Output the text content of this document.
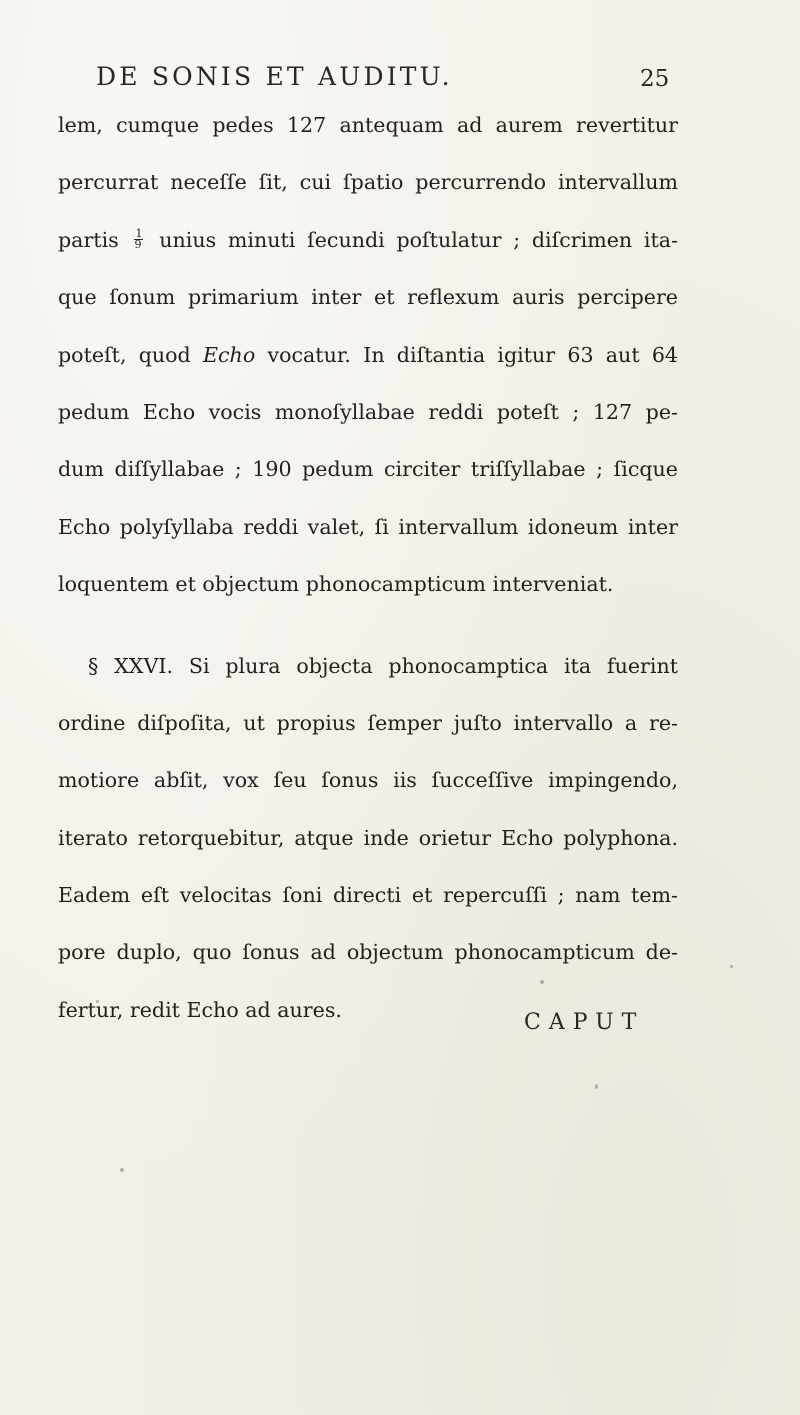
DE SONIS ET AUDITU.	25
lem, cumque pedes 127 antequam ad aurem revertitur
percurrat neceſſe ſit, cui ſpatio percurrendo intervallum
partis $\frac{1}{9}$ unius minuti ſecundi poſtulatur ; diſcrimen ita-
que ſonum primarium inter et reflexum auris percipere
poteſt, quod Echo vocatur. In diſtantia igitur 63 aut 64
pedum Echo vocis monoſyllabae reddi poteſt ; 127 pe-
dum diſſyllabae ; 190 pedum circiter triſſyllabae ; ſicque
Echo polyſyllaba reddi valet, ſi intervallum idoneum inter
loquentem et objectum phonocampticum interveniat.
§ XXVI. Si plura objecta phonocamptica ita fuerint
ordine diſpoſita, ut propius ſemper juſto intervallo a re-
motiore abſit, vox ſeu ſonus iis ſucceſſive impingendo,
iterato retorquebitur, atque inde orietur Echo polyphona.
Eadem eſt velocitas ſoni directi et repercuſſi ; nam tem-
pore duplo, quo ſonus ad objectum phonocampticum de-
fertur, redit Echo ad aures.
CAPUT
